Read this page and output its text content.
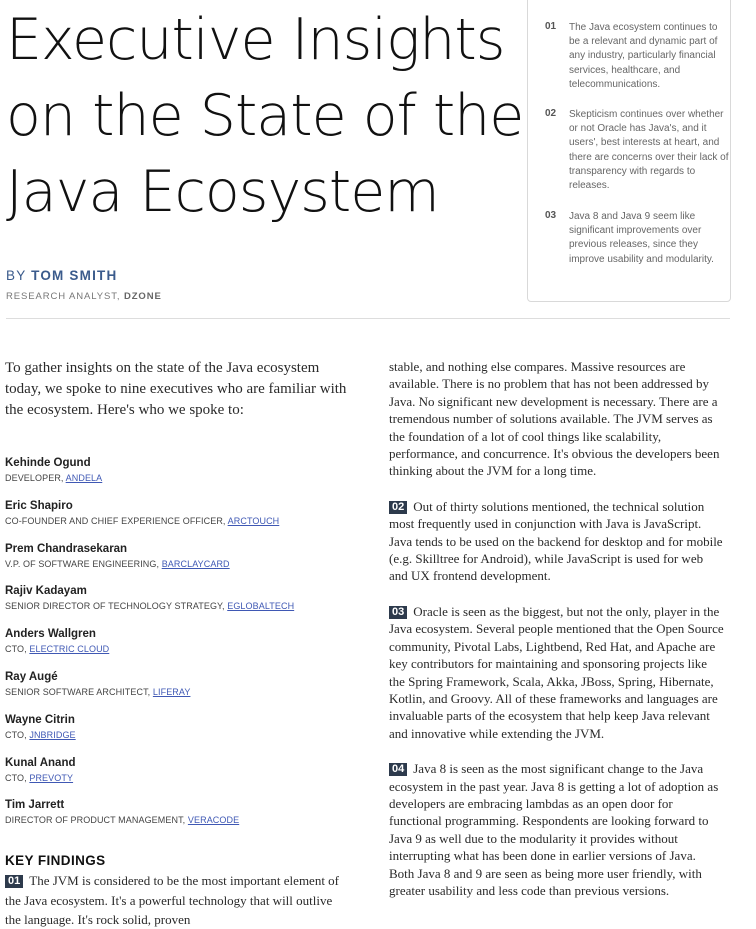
Executive Insights
on the State of the
Java Ecosystem
BY TOM SMITH
RESEARCH ANALYST, DZONE
01 The Java ecosystem continues to be a relevant and dynamic part of any industry, particularly financial services, healthcare, and telecommunications.

02 Skepticism continues over whether or not Oracle has Java's, and it users', best interests at heart, and there are concerns over their lack of transparency with regards to releases.

03 Java 8 and Java 9 seem like significant improvements over previous releases, since they improve usability and modularity.

To gather insights on the state of the Java ecosystem today, we spoke to nine executives who are familiar with the ecosystem. Here's who we spoke to:

Kehinde Ogund
DEVELOPER, ANDELA
Eric Shapiro
CO-FOUNDER AND CHIEF EXPERIENCE OFFICER, ARCTOUCH
Prem Chandrasekaran
V.P. OF SOFTWARE ENGINEERING, BARCLAYCARD
Rajiv Kadayam
SENIOR DIRECTOR OF TECHNOLOGY STRATEGY, EGLOBALTECH
Anders Wallgren
CTO, ELECTRIC CLOUD
Ray Augé
SENIOR SOFTWARE ARCHITECT, LIFERAY
Wayne Citrin
CTO, JNBRIDGE
Kunal Anand
CTO, PREVOTY
Tim Jarrett
DIRECTOR OF PRODUCT MANAGEMENT, VERACODE
KEY FINDINGS

01 The JVM is considered to be the most important element of the Java ecosystem. It's a powerful technology that will outlive the language. It's rock solid, proven

stable, and nothing else compares. Massive resources are available. There is no problem that has not been addressed by Java. No significant new development is necessary. There are a tremendous number of solutions available. The JVM serves as the foundation of a lot of cool things like scalability, performance, and concurrence. It's obvious the developers been thinking about the JVM for a long time.

02 Out of thirty solutions mentioned, the technical solution most frequently used in conjunction with Java is JavaScript. Java tends to be used on the backend for desktop and for mobile (e.g. Skilltree for Android), while JavaScript is used for web and UX frontend development.

03 Oracle is seen as the biggest, but not the only, player in the Java ecosystem. Several people mentioned that the Open Source community, Pivotal Labs, Lightbend, Red Hat, and Apache are key contributors for maintaining and sponsoring projects like the Spring Framework, Scala, Akka, JBoss, Spring, Hibernate, Kotlin, and Groovy. All of these frameworks and languages are invaluable parts of the ecosystem that help keep Java relevant and innovative while extending the JVM.

04 Java 8 is seen as the most significant change to the Java ecosystem in the past year. Java 8 is getting a lot of adoption as developers are embracing lambdas as an open door for functional programming. Respondents are looking forward to Java 9 as well due to the modularity it provides without interrupting what has been done in earlier versions of Java. Both Java 8 and 9 are seen as being more user friendly, with greater usability and less code than previous versions.
